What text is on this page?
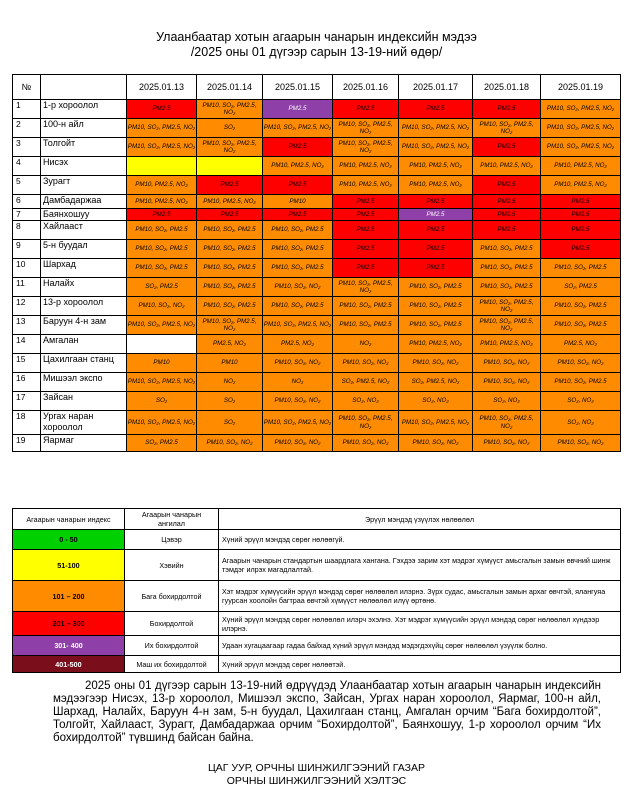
Улаанбаатар хотын агаарын чанарын индексийн мэдээ
/2025 оны 01 дүгээр сарын 13-19-ний өдөр/
№		2025.01.13	2025.01.14	2025.01.15	2025.01.16	2025.01.17	2025.01.18	2025.01.19
1	1-р хороолол	PM2.5	PM10, SO₂, PM2.5, NO₂	PM2.5	PM2.5	PM2.5	PM2.5	PM10, SO₂, PM2.5, NO₂
2	100-н айл	PM10, SO₂, PM2.5, NO₂	SO₂	PM10, SO₂, PM2.5, NO₂	PM10, SO₂, PM2.5, NO₂	PM10, SO₂, PM2.5, NO₂	PM10, SO₂, PM2.5, NO₂	PM10, SO₂, PM2.5, NO₂
3	Толгойт	PM10, SO₂, PM2.5, NO₂	PM10, SO₂, PM2.5, NO₂	PM2.5	PM10, SO₂, PM2.5, NO₂	PM10, SO₂, PM2.5, NO₂	PM2.5	PM10, SO₂, PM2.5, NO₂
4	Нисэх			PM10, PM2.5, NO₂	PM10, PM2.5, NO₂	PM10, PM2.5, NO₂	PM10, PM2.5, NO₂	PM10, PM2.5, NO₂
5	Зурагт	PM10, PM2.5, NO₂	PM2.5	PM2.5	PM10, PM2.5, NO₂	PM10, PM2.5, NO₂	PM2.5	PM10, PM2.5, NO₂
6	Дамбадаржаа	PM10, PM2.5, NO₂	PM10, PM2.5, NO₂	PM10	PM2.5	PM2.5	PM2.5	PM2.5
7	Баянхошуу	PM2.5	PM2.5	PM2.5	PM2.5	PM2.5	PM2.5	PM2.5
8	Хайлааст	PM10, SO₂, PM2.5	PM10, SO₂, PM2.5	PM10, SO₂, PM2.5	PM2.5	PM2.5	PM2.5	PM2.5
9	5-н буудал	PM10, SO₂, PM2.5	PM10, SO₂, PM2.5	PM10, SO₂, PM2.5	PM2.5	PM2.5	PM10, SO₂, PM2.5	PM2.5
10	Шархад	PM10, SO₂, PM2.5	PM10, SO₂, PM2.5	PM10, SO₂, PM2.5	PM2.5	PM2.5	PM10, SO₂, PM2.5	PM10, SO₂, PM2.5
11	Налайх	SO₂, PM2.5	PM10, SO₂, PM2.5	PM10, SO₂, NO₂	PM10, SO₂, PM2.5, NO₂	PM10, SO₂, PM2.5	PM10, SO₂, PM2.5	SO₂, PM2.5
12	13-р хороолол	PM10, SO₂, NO₂	PM10, SO₂, PM2.5	PM10, SO₂, PM2.5	PM10, SO₂, PM2.5	PM10, SO₂, PM2.5	PM10, SO₂, PM2.5, NO₂	PM10, SO₂, PM2.5
13	Баруун 4-н зам	PM10, SO₂, PM2.5, NO₂	PM10, SO₂, PM2.5, NO₂	PM10, SO₂, PM2.5, NO₂	PM10, SO₂, PM2.5	PM10, SO₂, PM2.5	PM10, SO₂, PM2.5, NO₂	PM10, SO₂, PM2.5
14	Амгалан		PM2.5, NO₂	PM2.5, NO₂	NO₂	PM10, PM2.5, NO₂	PM10, PM2.5, NO₂	PM2.5, NO₂
15	Цахилгаан станц	PM10	PM10	PM10, SO₂, NO₂	PM10, SO₂, NO₂	PM10, SO₂, NO₂	PM10, SO₂, NO₂	PM10, SO₂, NO₂
16	Мишээл экспо	PM10, SO₂, PM2.5, NO₂	NO₂	NO₂	SO₂, PM2.5, NO₂	SO₂, PM2.5, NO₂	PM10, SO₂, NO₂	PM10, SO₂, PM2.5
17	Зайсан	SO₂	SO₂	PM10, SO₂, NO₂	SO₂, NO₂	SO₂, NO₂	SO₂, NO₂	SO₂, NO₂
18	Ургах наран хороолол	PM10, SO₂, PM2.5, NO₂	SO₂	PM10, SO₂, PM2.5, NO₂	PM10, SO₂, PM2.5, NO₂	PM10, SO₂, PM2.5, NO₂	PM10, SO₂, PM2.5, NO₂	SO₂, NO₂
19	Яармаг	SO₂, PM2.5	PM10, SO₂, NO₂	PM10, SO₂, NO₂	PM10, SO₂, NO₂	PM10, SO₂, NO₂	PM10, SO₂, NO₂	PM10, SO₂, NO₂
Агаарын чанарын индекс	Агаарын чанарын ангилал	Эрүүл мэндэд үзүүлэх нөлөөлөл
0 - 50	Цэвэр	Хүний эрүүл мэндэд сөрөг нөлөөгүй.
51-100	Хэвийн	Агаарын чанарын стандартын шаардлага хангана. Гэхдээ зарим хэт мэдрэг хүмүүст амьсгалын замын өвчний шинж тэмдэг илрэх магадлалтай.
101 – 200	Бага бохирдолтой	Хэт мэдрэг хүмүүсийн эрүүл мэндэд сөрөг нөлөөлөл илэрнэ. Зүрх судас, амьсгалын замын архаг өвчтэй, ялангуяа гуурсан хоолойн багтраа өвчтэй хүмүүст нөлөөлөл илүү өртөнө.
201 – 300	Бохирдолтой	Хүний эрүүл мэндэд сөрөг нөлөөлөл илэрч эхэлнэ. Хэт мэдрэг хүмүүсийн эрүүл мэндэд сөрөг нөлөөлөл хүндээр илэрнэ.
301- 400	Их бохирдолтой	Удаан хугацаагаар гадаа байхад хүний эрүүл мэндэд мэдэгдэхүйц сөрөг нөлөөлөл үзүүлж болно.
401-500	Маш их бохирдолтой	Хүний эрүүл мэндэд сөрөг нөлөөтэй.
2025 оны 01 дүгээр сарын 13-19-ний өдрүүдэд Улаанбаатар хотын агаарын чанарын индексийн мэдээгээр Нисэх, 13-р хороолол, Мишээл экспо, Зайсан, Ургах наран хороолол, Яармаг, 100-н айл, Шархад, Налайх, Баруун 4-н зам, 5-н буудал, Цахилгаан станц, Амгалан орчим “Бага бохирдолтой”, Толгойт, Хайлааст, Зурагт, Дамбадаржаа орчим “Бохирдолтой”, Баянхошуу, 1-р хороолол орчим “Их бохирдолтой” түвшинд байсан байна.
ЦАГ УУР, ОРЧНЫ ШИНЖИЛГЭЭНИЙ ГАЗАР
ОРЧНЫ ШИНЖИЛГЭЭНИЙ ХЭЛТЭС
